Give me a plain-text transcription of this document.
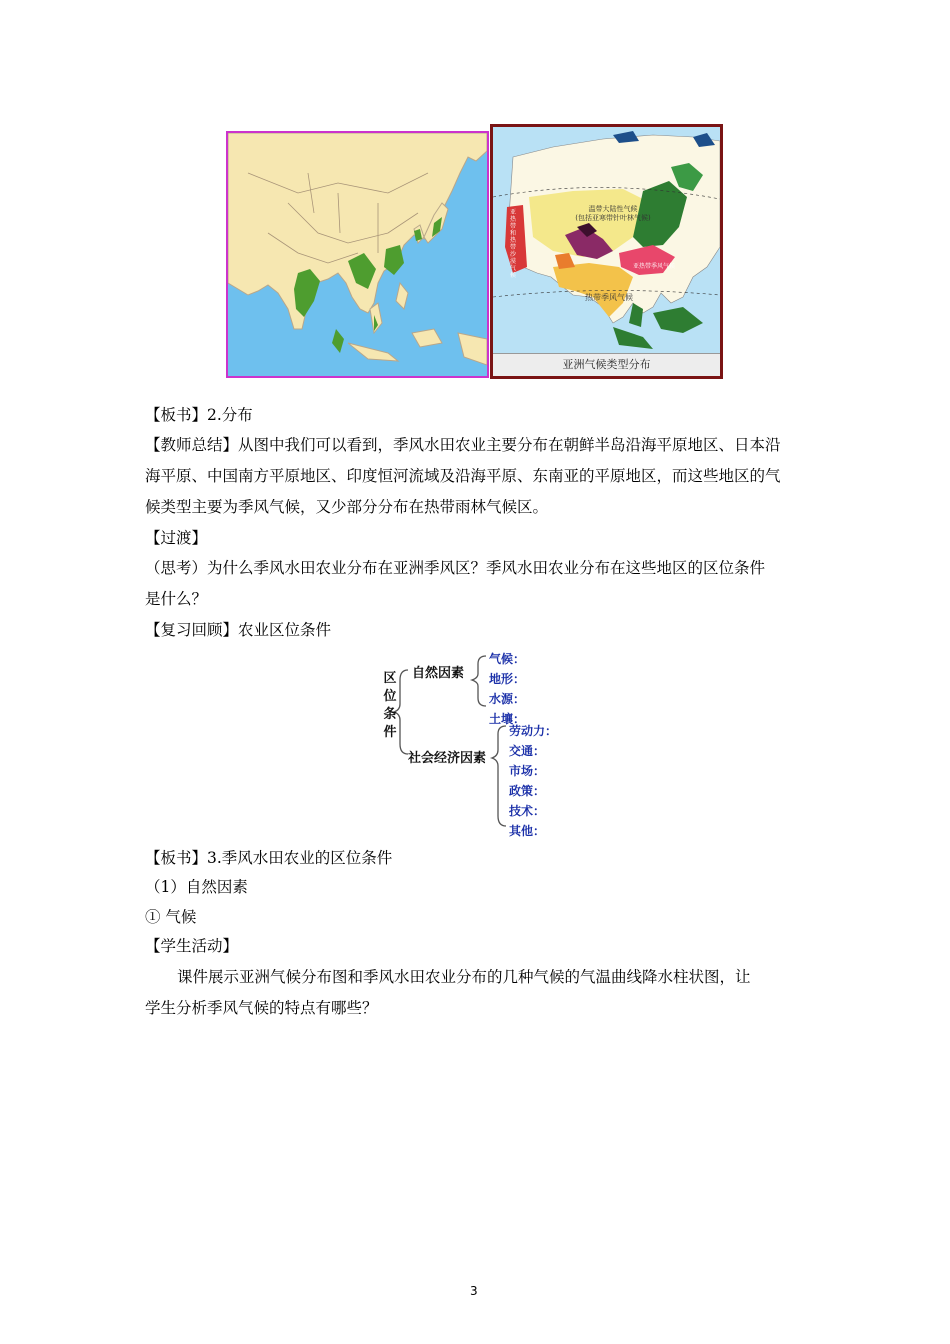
温带大陆性气候
(包括亚寒带针叶林气候)
热带季风气候
亚热带季风气候
亚热带和热带沙漠气候
亚洲气候类型分布
【板书】2.分布
【教师总结】从图中我们可以看到，季风水田农业主要分布在朝鲜半岛沿海平原地区、日本沿
海平原、中国南方平原地区、印度恒河流域及沿海平原、东南亚的平原地区，而这些地区的气
候类型主要为季风气候，又少部分分布在热带雨林气候区。
【过渡】
（思考）为什么季风水田农业分布在亚洲季风区？季风水田农业分布在这些地区的区位条件
是什么？
【复习回顾】农业区位条件
区
位
条
件
自然因素
社会经济因素
气候：
地形：
水源：
土壤：
劳动力：
交通：
市场：
政策：
技术：
其他：
【板书】3.季风水田农业的区位条件
（1）自然因素
① 气候
【学生活动】
课件展示亚洲气候分布图和季风水田农业分布的几种气候的气温曲线降水柱状图，让
学生分析季风气候的特点有哪些？
3
